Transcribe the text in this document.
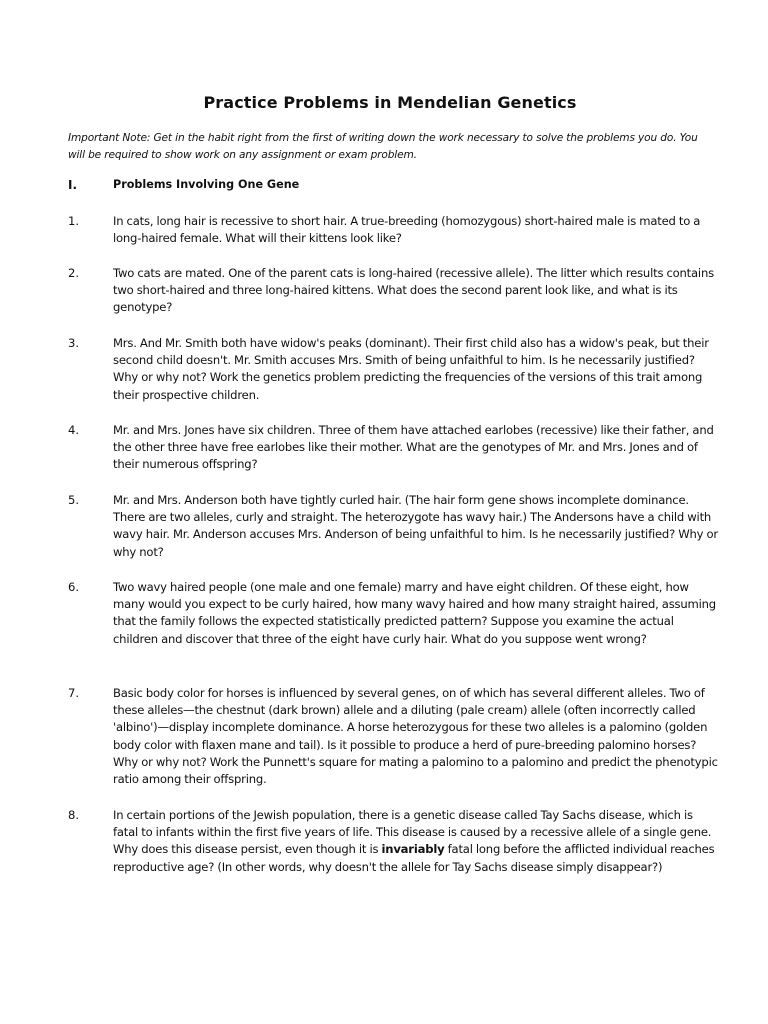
Practice Problems in Mendelian Genetics
Important Note: Get in the habit right from the first of writing down the work necessary to solve the problems you do. You will be required to show work on any assignment or exam problem.
I.	Problems Involving One Gene
1.	In cats, long hair is recessive to short hair. A true-breeding (homozygous) short-haired male is mated to a long-haired female. What will their kittens look like?
2.	Two cats are mated. One of the parent cats is long-haired (recessive allele). The litter which results contains two short-haired and three long-haired kittens. What does the second parent look like, and what is its genotype?
3.	Mrs. And Mr. Smith both have widow's peaks (dominant). Their first child also has a widow's peak, but their second child doesn't. Mr. Smith accuses Mrs. Smith of being unfaithful to him. Is he necessarily justified? Why or why not? Work the genetics problem predicting the frequencies of the versions of this trait among their prospective children.
4.	Mr. and Mrs. Jones have six children. Three of them have attached earlobes (recessive) like their father, and the other three have free earlobes like their mother. What are the genotypes of Mr. and Mrs. Jones and of their numerous offspring?
5.	Mr. and Mrs. Anderson both have tightly curled hair. (The hair form gene shows incomplete dominance. There are two alleles, curly and straight. The heterozygote has wavy hair.) The Andersons have a child with wavy hair. Mr. Anderson accuses Mrs. Anderson of being unfaithful to him. Is he necessarily justified? Why or why not?
6.	Two wavy haired people (one male and one female) marry and have eight children. Of these eight, how many would you expect to be curly haired, how many wavy haired and how many straight haired, assuming that the family follows the expected statistically predicted pattern? Suppose you examine the actual children and discover that three of the eight have curly hair. What do you suppose went wrong?
7.	Basic body color for horses is influenced by several genes, on of which has several different alleles. Two of these alleles—the chestnut (dark brown) allele and a diluting (pale cream) allele (often incorrectly called 'albino')—display incomplete dominance. A horse heterozygous for these two alleles is a palomino (golden body color with flaxen mane and tail). Is it possible to produce a herd of pure-breeding palomino horses? Why or why not? Work the Punnett's square for mating a palomino to a palomino and predict the phenotypic ratio among their offspring.
8.	In certain portions of the Jewish population, there is a genetic disease called Tay Sachs disease, which is fatal to infants within the first five years of life. This disease is caused by a recessive allele of a single gene. Why does this disease persist, even though it is invariably fatal long before the afflicted individual reaches reproductive age? (In other words, why doesn't the allele for Tay Sachs disease simply disappear?)
